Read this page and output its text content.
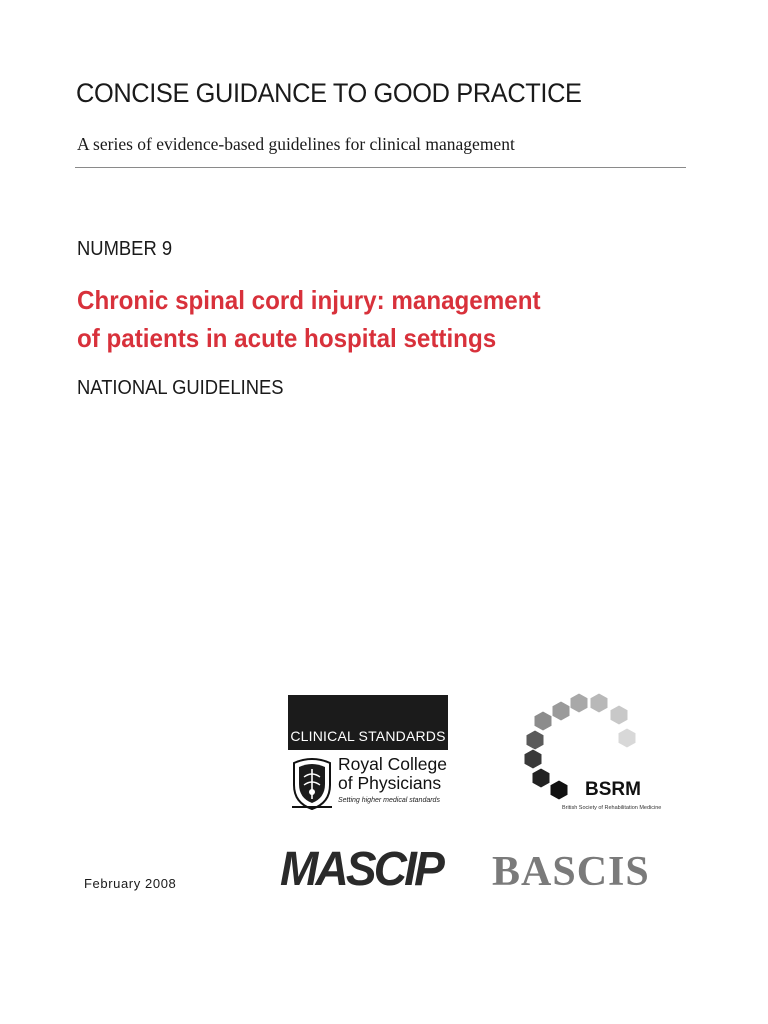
CONCISE GUIDANCE TO GOOD PRACTICE
A series of evidence-based guidelines for clinical management
NUMBER 9
Chronic spinal cord injury: management
of patients in acute hospital settings
NATIONAL GUIDELINES
CLINICAL STANDARDS
Royal College
of Physicians
Setting higher medical standards
BSRM
British Society of Rehabilitation Medicine
MASCIP BASCIS
February 2008
